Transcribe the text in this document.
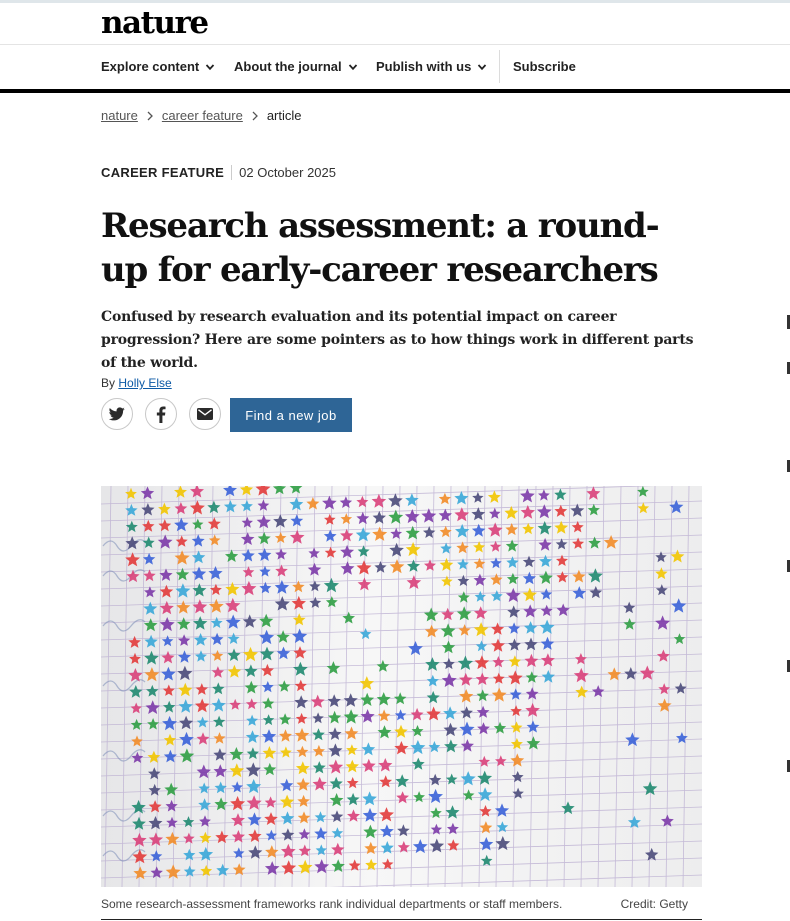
nature
Explore content	About the journal	Publish with us	Subscribe
nature career feature article
CAREER FEATURE 02 October 2025
Research assessment: a round-up for early-career researchers

Confused by research evaluation and its potential impact on career progression? Here are some pointers as to how things work in different parts of the world.

By Holly Else
Find a new job
Some research-assessment frameworks rank individual departments or staff members.	Credit: Getty
